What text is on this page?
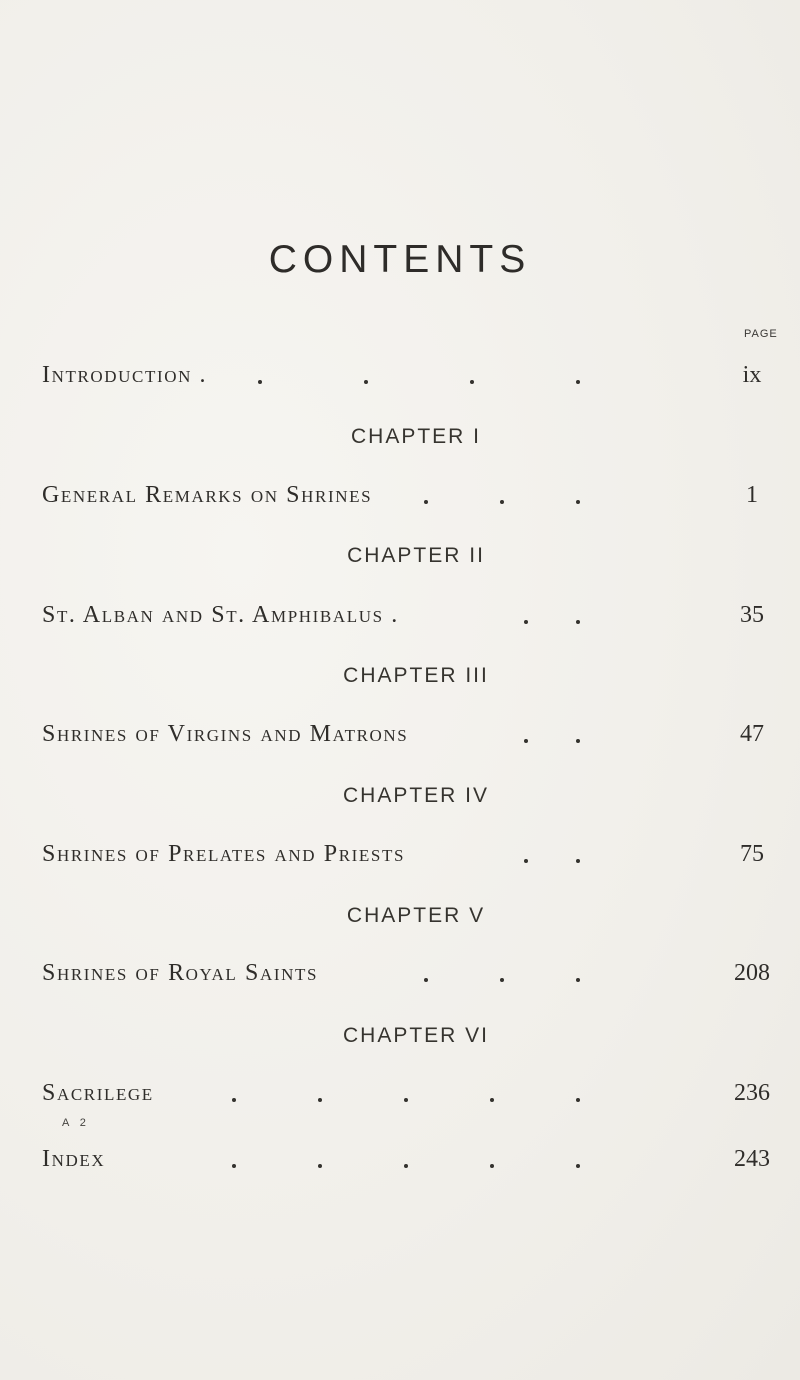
CONTENTS
PAGE
Introduction .	ix
CHAPTER I
General Remarks on Shrines	1
CHAPTER II
St. Alban and St. Amphibalus .	35
CHAPTER III
Shrines of Virgins and Matrons	47
CHAPTER IV
Shrines of Prelates and Priests	75
CHAPTER V
Shrines of Royal Saints	208
CHAPTER VI
Sacrilege	236
Index	243
A 2
